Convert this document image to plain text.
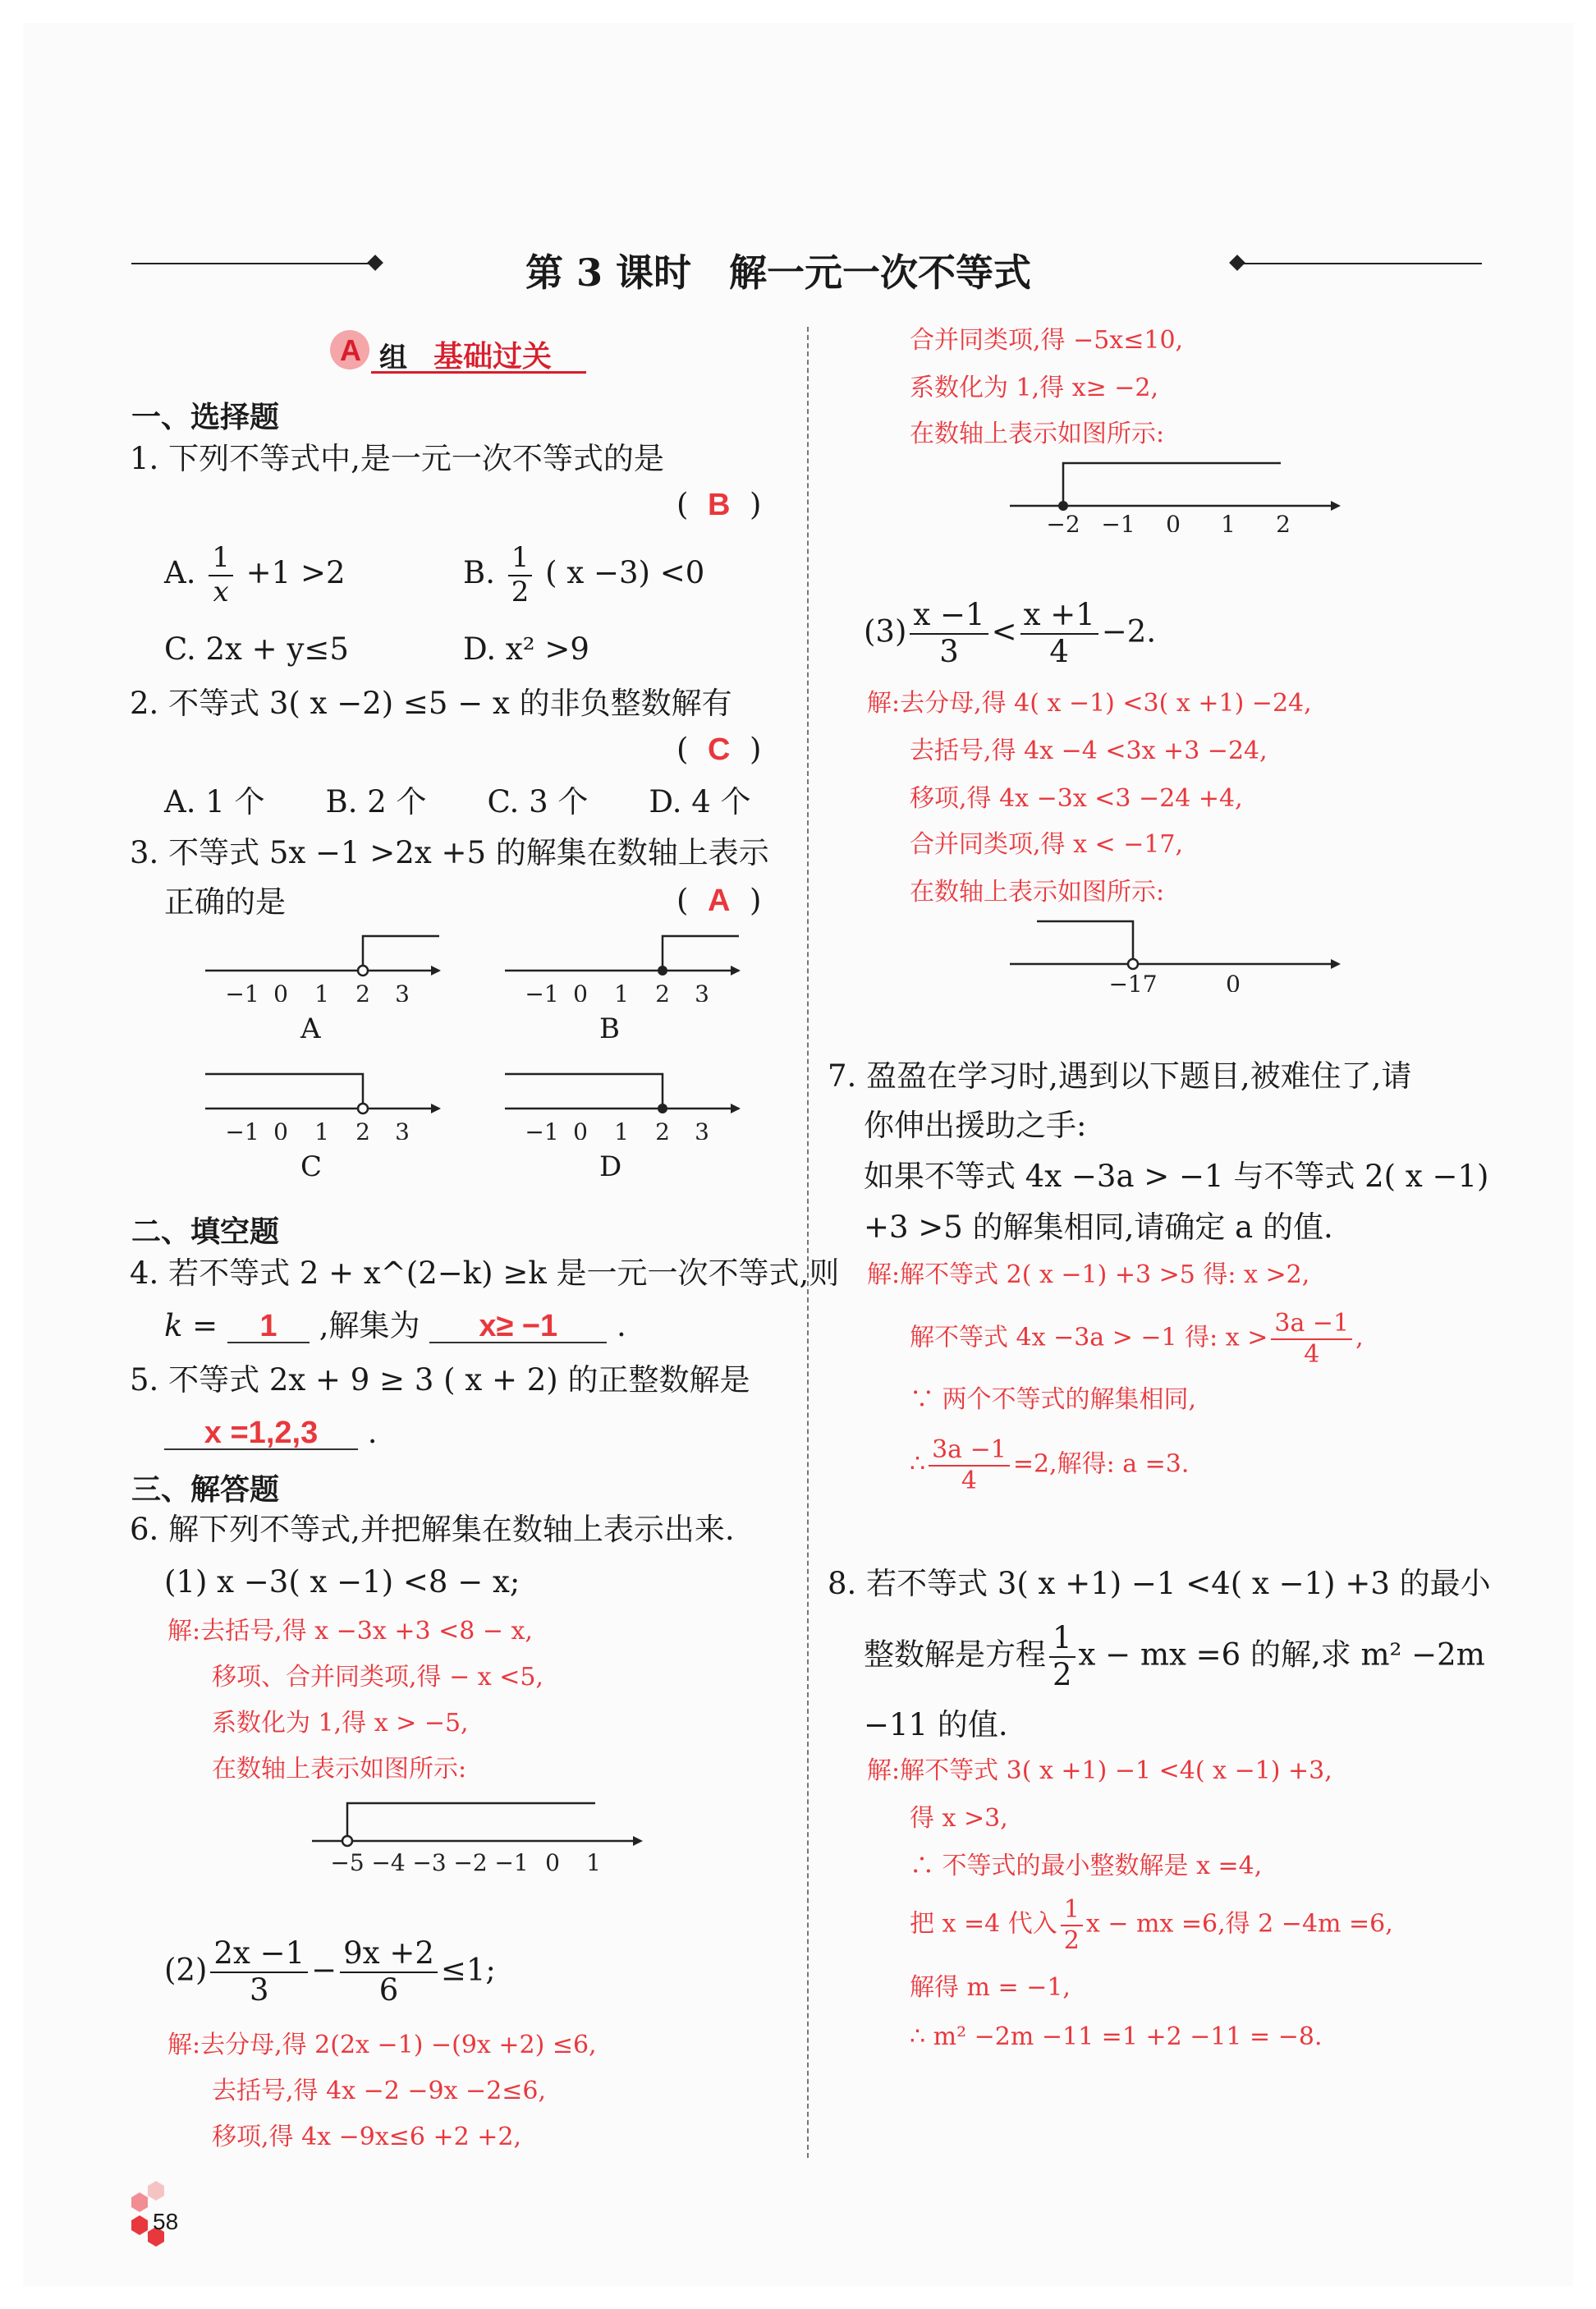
第 3 课时　解一元一次不等式
A 组 基础过关
一、选择题
1. 下列不等式中,是一元一次不等式的是
(  B  )
A. $\frac{1}{x} +1 >2$	B. $\frac{1}{2}$ ( x −3) <0
C. 2x + y≤5	D. x² >9
2. 不等式 3( x −2) ≤5 − x 的非负整数解有
(  C  )
A. 1 个　　B. 2 个　　C. 3 个　　D. 4 个
3. 不等式 5x −1 >2x +5 的解集在数轴上表示
正确的是	(  A  )
−1 0 1 2 3
A
−1 0 1 2 3
B
−1 0 1 2 3
C
−1 0 1 2 3
D
二、填空题
4. 若不等式 2 + x^(2−k) ≥k 是一元一次不等式,则
k = 1 ,解集为 x≥ −1 .
5. 不等式 2x + 9 ≥ 3 ( x + 2) 的正整数解是
x =1,2,3 .
三、解答题
6. 解下列不等式,并把解集在数轴上表示出来.
(1) x −3( x −1) <8 − x;
解:去括号,得 x −3x +3 <8 − x,
移项、合并同类项,得 − x <5,
系数化为 1,得 x > −5,
在数轴上表示如图所示:
−5 −4 −3 −2 −1 0 1
$(2) \frac{2x -1}{3} - \frac{9x +2}{6} \le 1$;
解:去分母,得 2(2x −1) −(9x +2) ≤6,
去括号,得 4x −2 −9x −2≤6,
移项,得 4x −9x≤6 +2 +2,
合并同类项,得 −5x≤10,
系数化为 1,得 x≥ −2,
在数轴上表示如图所示:
−2 −1 0 1 2
$(3) \frac{x -1}{3} < \frac{x +1}{4} -2$.
解:去分母,得 4( x −1) <3( x +1) −24,
去括号,得 4x −4 <3x +3 −24,
移项,得 4x −3x <3 −24 +4,
合并同类项,得 x < −17,
在数轴上表示如图所示:
−17	0
7. 盈盈在学习时,遇到以下题目,被难住了,请
你伸出援助之手:
如果不等式 4x −3a > −1 与不等式 2( x −1)
+3 >5 的解集相同,请确定 a 的值.
解:解不等式 2( x −1) +3 >5 得: x >2,
解不等式 4x −3a > −1 得: $x > \frac{3a -1}{4}$ ,
∵ 两个不等式的解集相同,
∴ $\frac{3a -1}{4} =2$,解得: a =3.
8. 若不等式 3( x +1) −1 <4( x −1) +3 的最小
整数解是方程 $\frac{1}{2}$ x − mx =6 的解,求 m² −2m
−11 的值.
解:解不等式 3( x +1) −1 <4( x −1) +3,
得 x >3,
∴ 不等式的最小整数解是 x =4,
把 x =4 代入 $\frac{1}{2}$ x − mx =6,得 2 −4m =6,
解得 m = −1,
∴ m² −2m −11 =1 +2 −11 = −8.
58
